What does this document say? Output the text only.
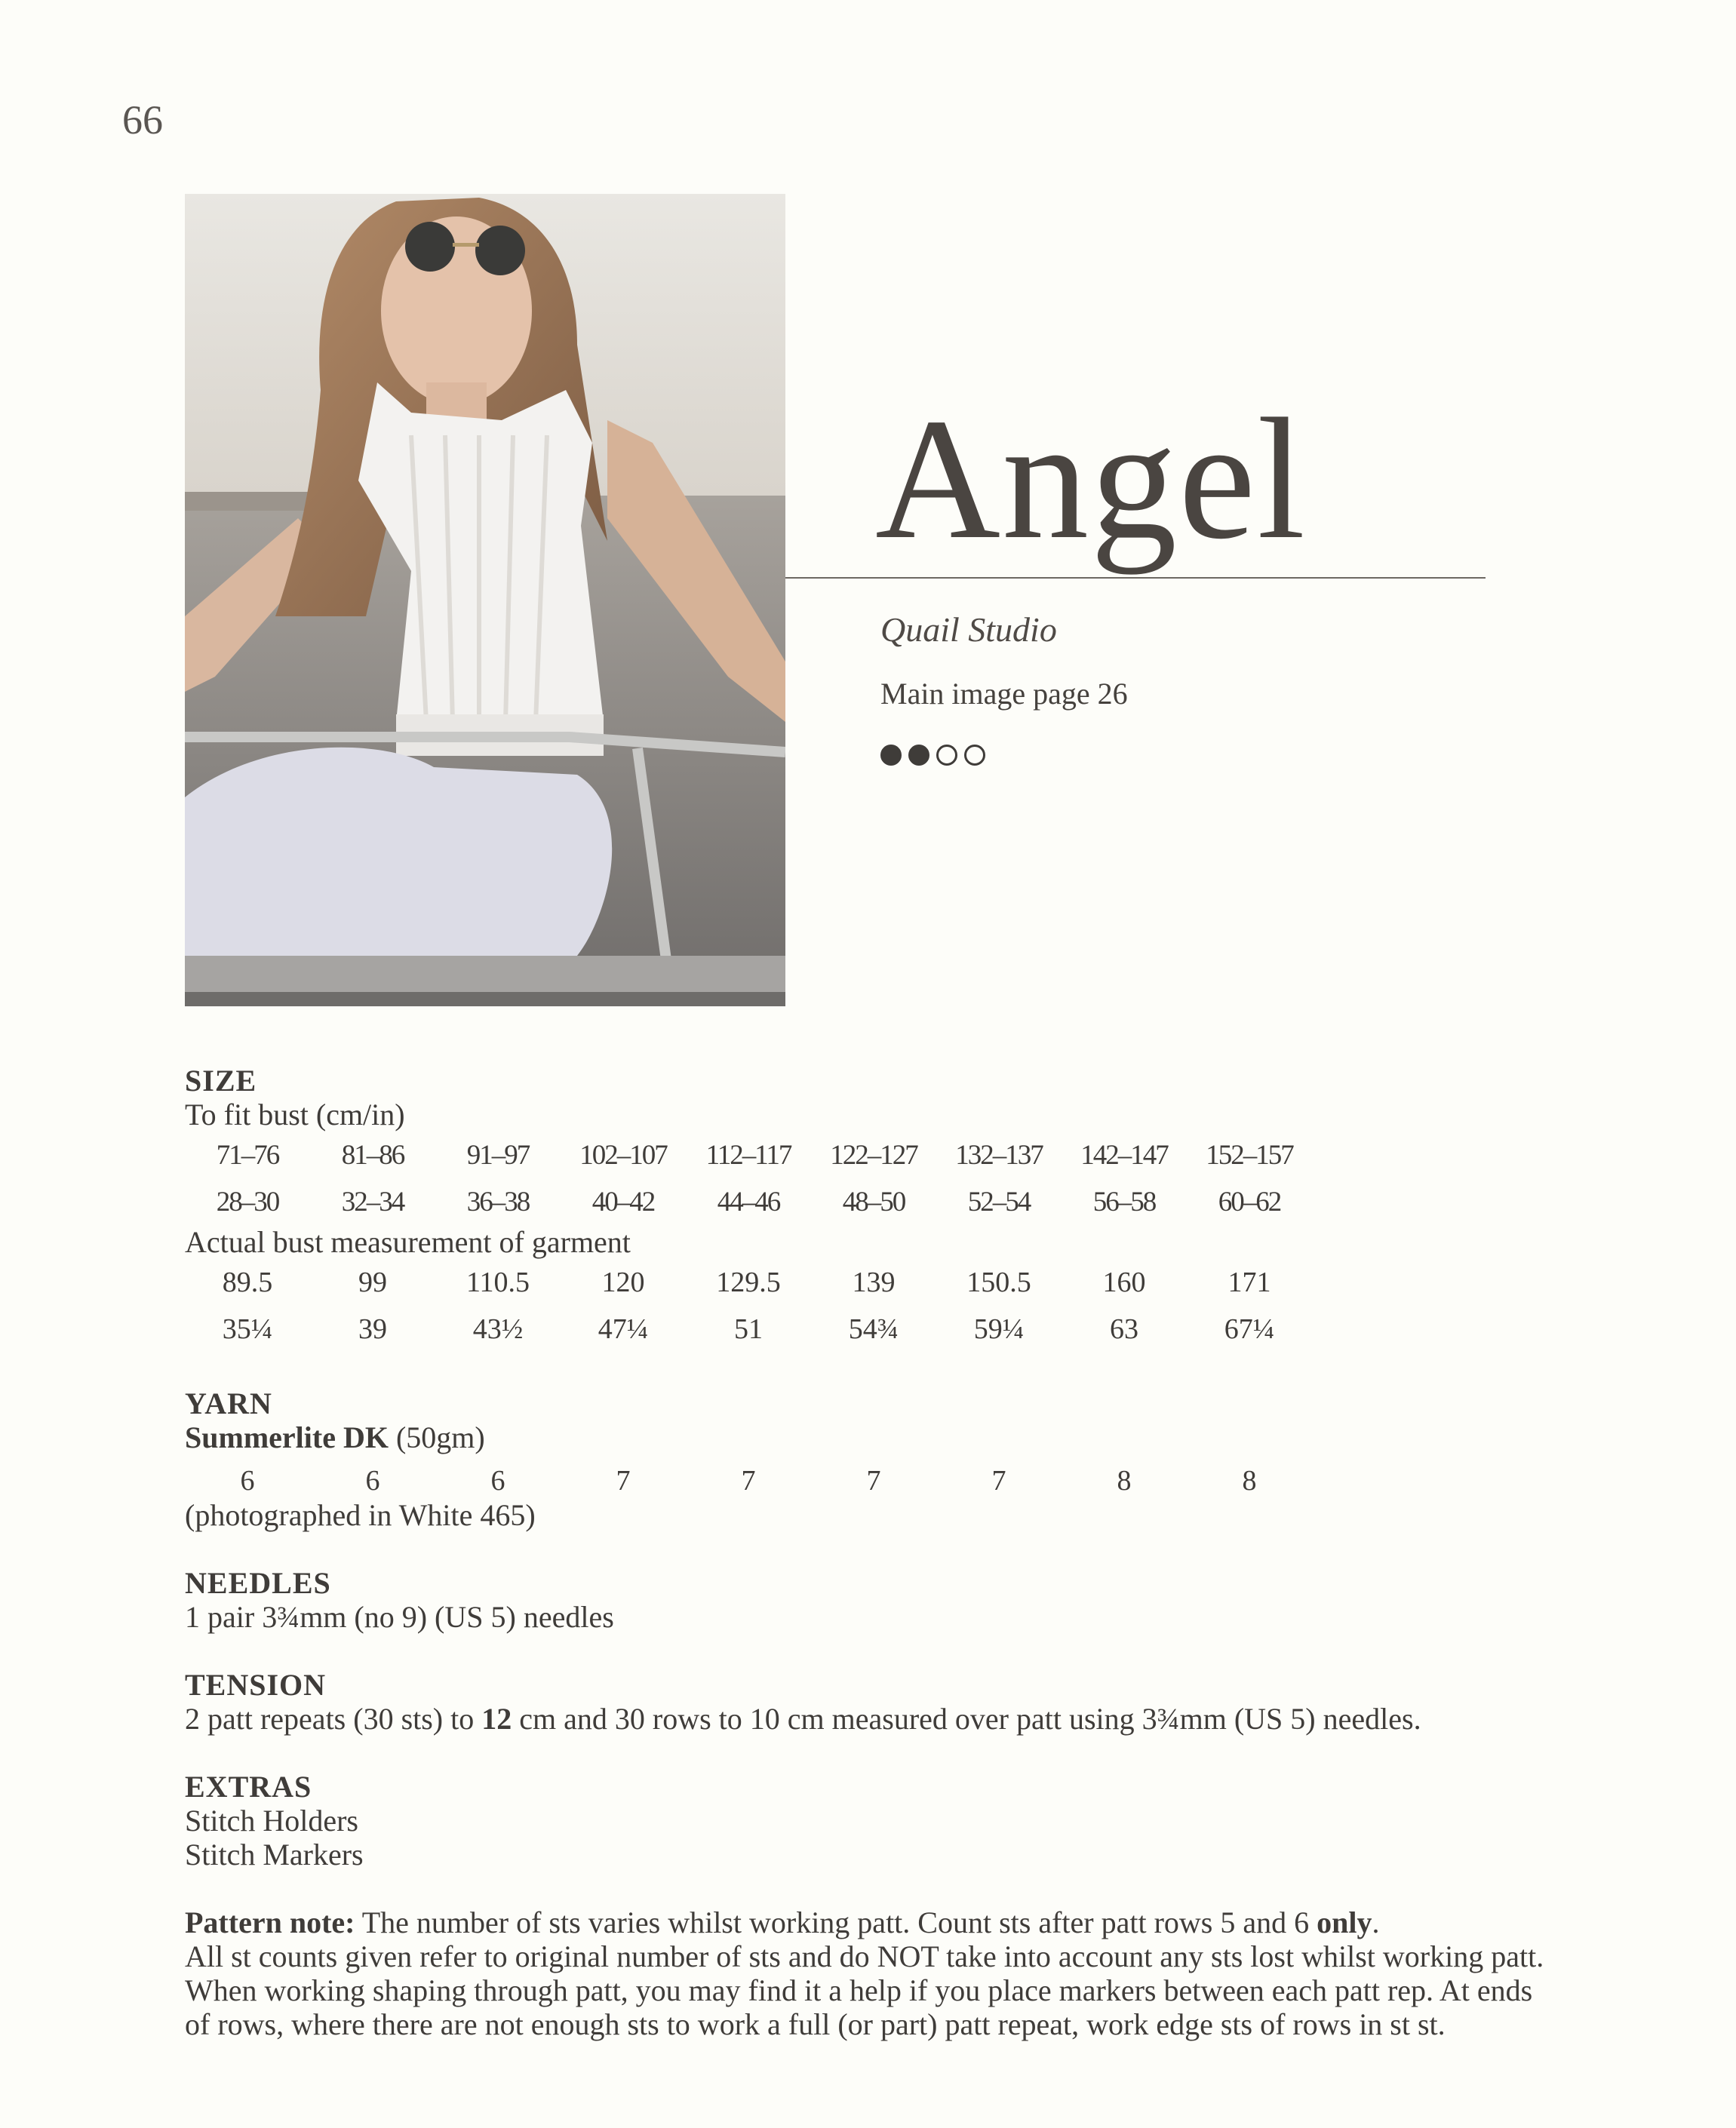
66
Angel
Quail Studio
Main image page 26
SIZE
To fit bust (cm/in)
71–76	81–86	91–97	102–107	112–117	122–127	132–137	142–147	152–157
28–30	32–34	36–38	40–42	44–46	48–50	52–54	56–58	60–62
Actual bust measurement of garment
89.5	99	110.5	120	129.5	139	150.5	160	171
35¼	39	43½	47¼	51	54¾	59¼	63	67¼
YARN
Summerlite DK (50gm)
6	6	6	7	7	7	7	8	8
(photographed in White 465)
NEEDLES
1 pair 3¾mm (no 9) (US 5) needles
TENSION
2 patt repeats (30 sts) to 12 cm and 30 rows to 10 cm measured over patt using 3¾mm (US 5) needles.
EXTRAS
Stitch Holders
Stitch Markers

Pattern note: The number of sts varies whilst working patt. Count sts after patt rows 5 and 6 only.

All st counts given refer to original number of sts and do NOT take into account any sts lost whilst working patt.

When working shaping through patt, you may find it a help if you place markers between each patt rep. At ends

of rows, where there are not enough sts to work a full (or part) patt repeat, work edge sts of rows in st st.
